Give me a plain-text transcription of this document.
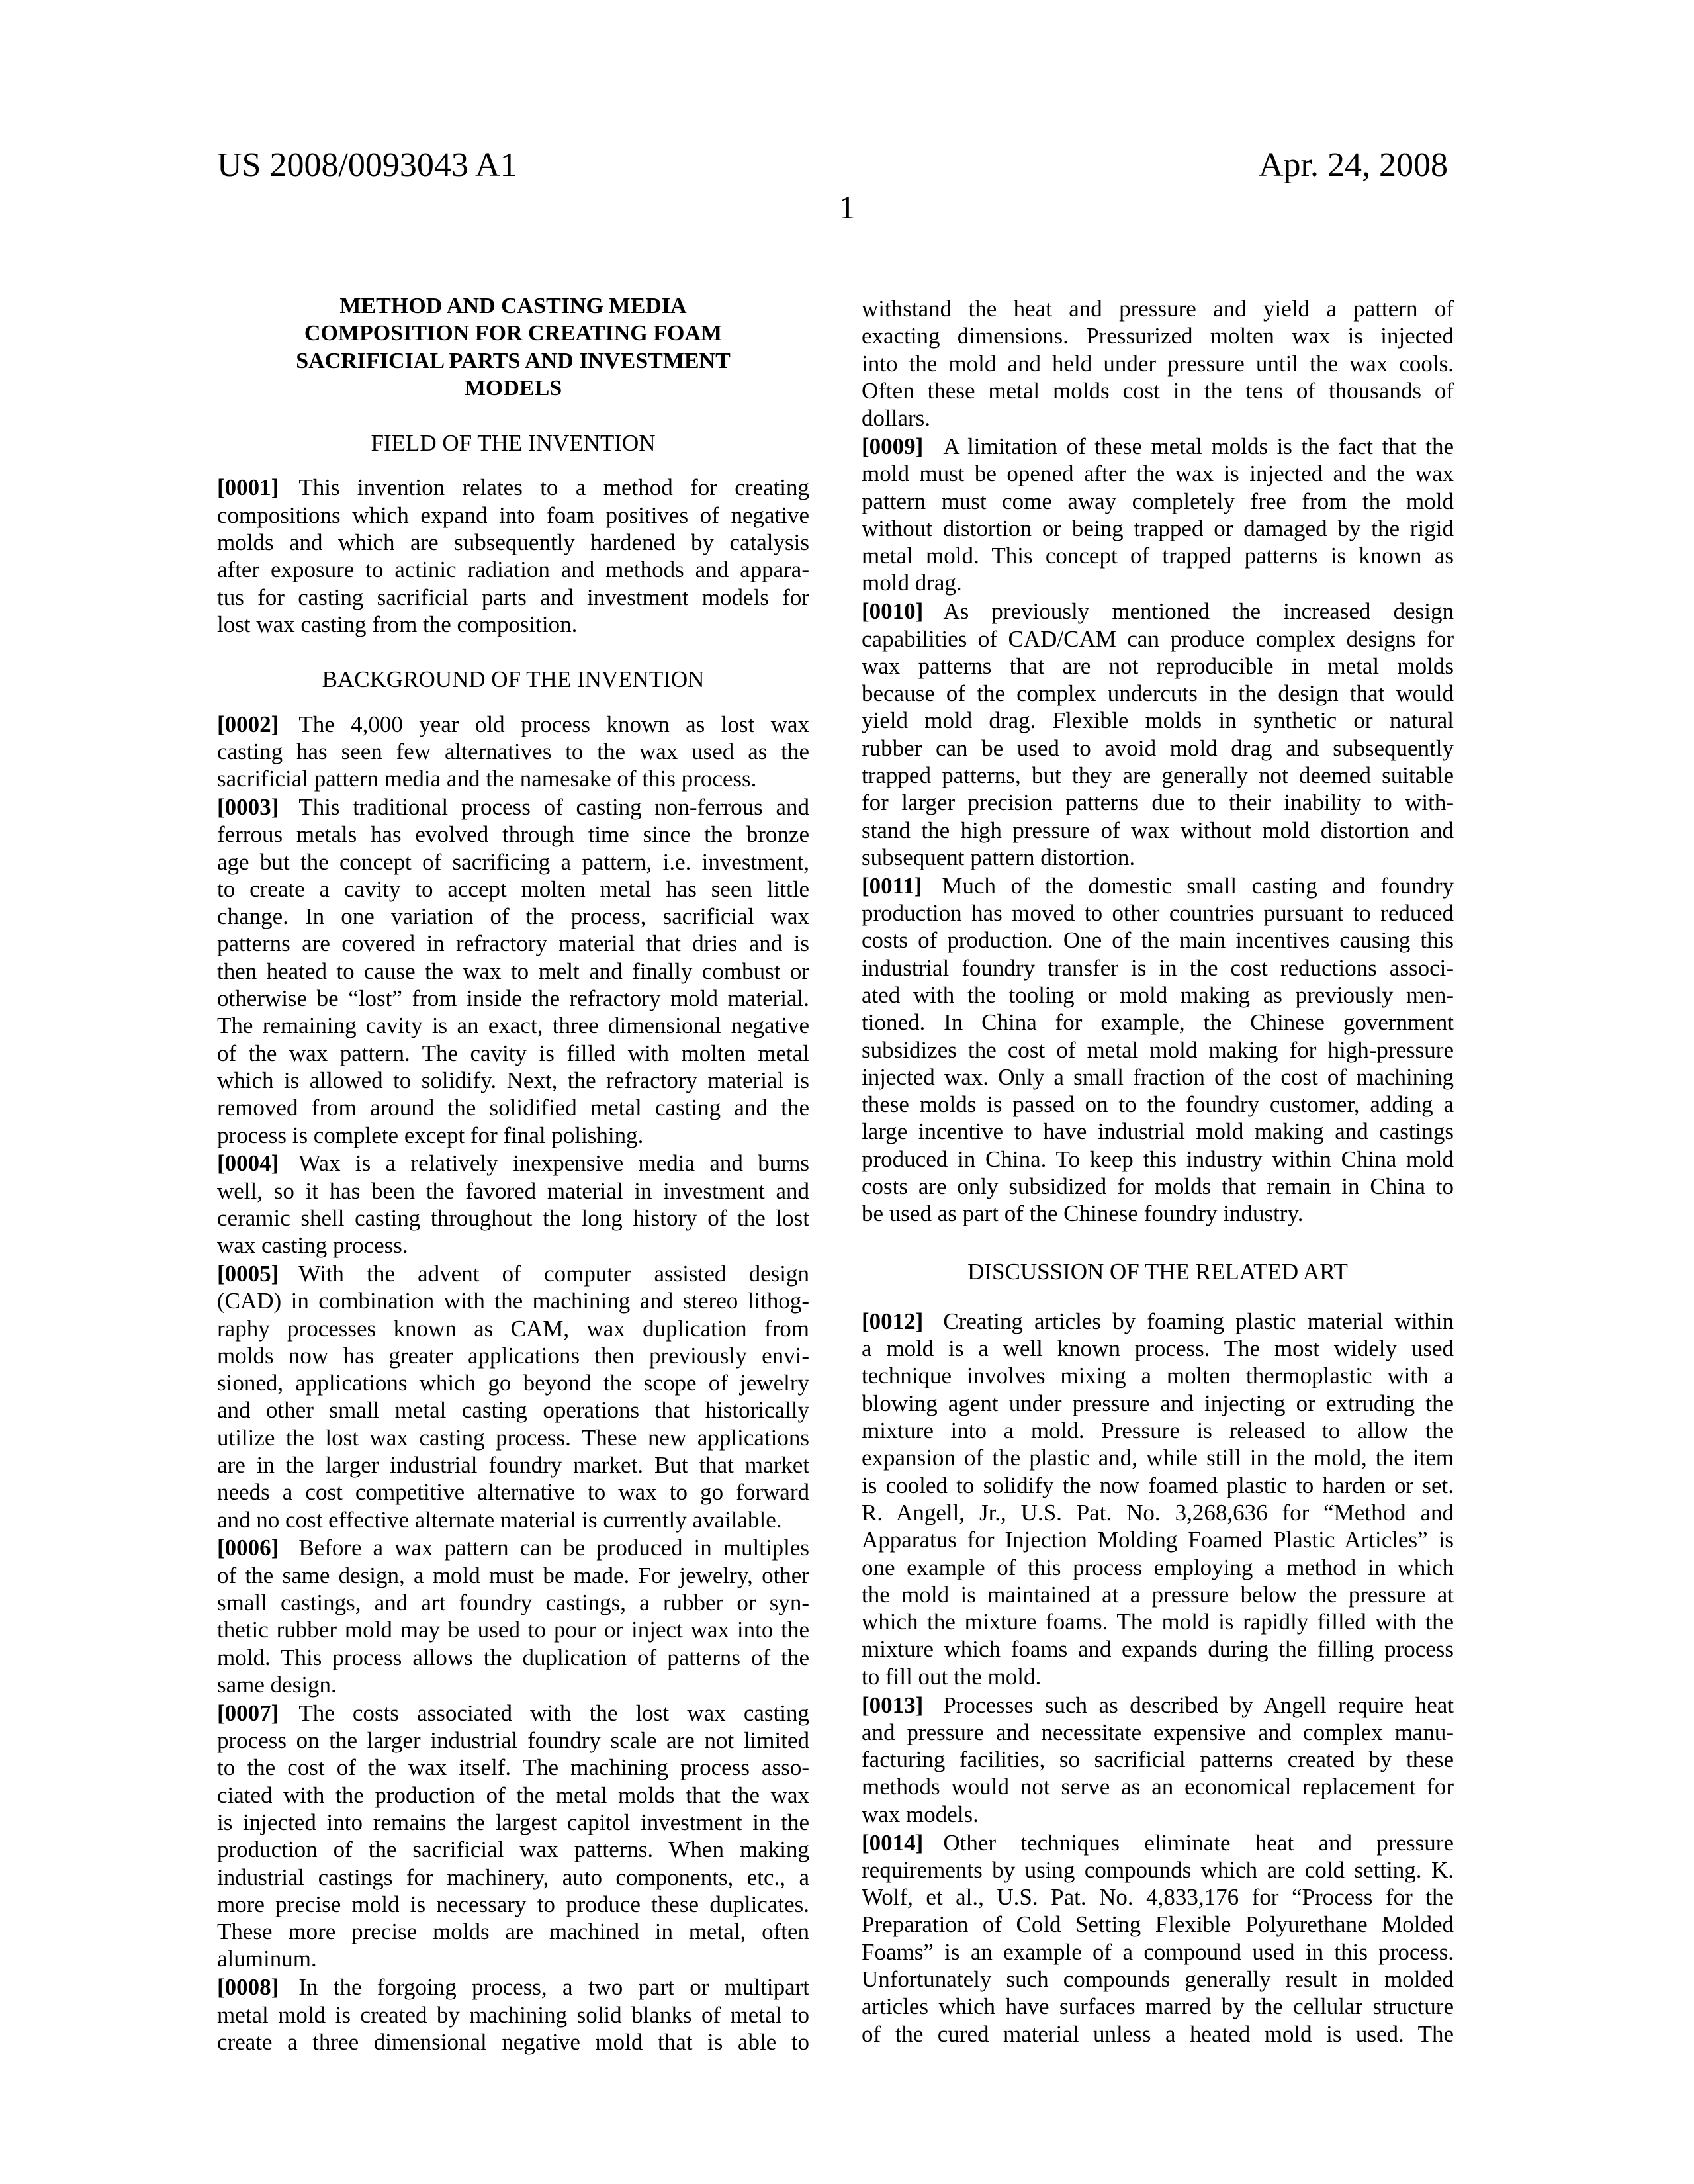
US 2008/0093043 A1	Apr. 24, 2008
1
METHOD AND CASTING MEDIA
COMPOSITION FOR CREATING FOAM
SACRIFICIAL PARTS AND INVESTMENT
MODELS
FIELD OF THE INVENTION
[0001] This invention relates to a method for creating
compositions which expand into foam positives of negative
molds and which are subsequently hardened by catalysis
after exposure to actinic radiation and methods and appara-
tus for casting sacrificial parts and investment models for
lost wax casting from the composition.
BACKGROUND OF THE INVENTION
[0002] The 4,000 year old process known as lost wax
casting has seen few alternatives to the wax used as the
sacrificial pattern media and the namesake of this process.
[0003] This traditional process of casting non-ferrous and
ferrous metals has evolved through time since the bronze
age but the concept of sacrificing a pattern, i.e. investment,
to create a cavity to accept molten metal has seen little
change. In one variation of the process, sacrificial wax
patterns are covered in refractory material that dries and is
then heated to cause the wax to melt and finally combust or
otherwise be “lost” from inside the refractory mold material.
The remaining cavity is an exact, three dimensional negative
of the wax pattern. The cavity is filled with molten metal
which is allowed to solidify. Next, the refractory material is
removed from around the solidified metal casting and the
process is complete except for final polishing.
[0004] Wax is a relatively inexpensive media and burns
well, so it has been the favored material in investment and
ceramic shell casting throughout the long history of the lost
wax casting process.
[0005] With the advent of computer assisted design
(CAD) in combination with the machining and stereo lithog-
raphy processes known as CAM, wax duplication from
molds now has greater applications then previously envi-
sioned, applications which go beyond the scope of jewelry
and other small metal casting operations that historically
utilize the lost wax casting process. These new applications
are in the larger industrial foundry market. But that market
needs a cost competitive alternative to wax to go forward
and no cost effective alternate material is currently available.
[0006] Before a wax pattern can be produced in multiples
of the same design, a mold must be made. For jewelry, other
small castings, and art foundry castings, a rubber or syn-
thetic rubber mold may be used to pour or inject wax into the
mold. This process allows the duplication of patterns of the
same design.
[0007] The costs associated with the lost wax casting
process on the larger industrial foundry scale are not limited
to the cost of the wax itself. The machining process asso-
ciated with the production of the metal molds that the wax
is injected into remains the largest capitol investment in the
production of the sacrificial wax patterns. When making
industrial castings for machinery, auto components, etc., a
more precise mold is necessary to produce these duplicates.
These more precise molds are machined in metal, often
aluminum.
[0008] In the forgoing process, a two part or multipart
metal mold is created by machining solid blanks of metal to
create a three dimensional negative mold that is able to
withstand the heat and pressure and yield a pattern of
exacting dimensions. Pressurized molten wax is injected
into the mold and held under pressure until the wax cools.
Often these metal molds cost in the tens of thousands of
dollars.
[0009] A limitation of these metal molds is the fact that the
mold must be opened after the wax is injected and the wax
pattern must come away completely free from the mold
without distortion or being trapped or damaged by the rigid
metal mold. This concept of trapped patterns is known as
mold drag.
[0010] As previously mentioned the increased design
capabilities of CAD/CAM can produce complex designs for
wax patterns that are not reproducible in metal molds
because of the complex undercuts in the design that would
yield mold drag. Flexible molds in synthetic or natural
rubber can be used to avoid mold drag and subsequently
trapped patterns, but they are generally not deemed suitable
for larger precision patterns due to their inability to with-
stand the high pressure of wax without mold distortion and
subsequent pattern distortion.
[0011] Much of the domestic small casting and foundry
production has moved to other countries pursuant to reduced
costs of production. One of the main incentives causing this
industrial foundry transfer is in the cost reductions associ-
ated with the tooling or mold making as previously men-
tioned. In China for example, the Chinese government
subsidizes the cost of metal mold making for high-pressure
injected wax. Only a small fraction of the cost of machining
these molds is passed on to the foundry customer, adding a
large incentive to have industrial mold making and castings
produced in China. To keep this industry within China mold
costs are only subsidized for molds that remain in China to
be used as part of the Chinese foundry industry.
DISCUSSION OF THE RELATED ART
[0012] Creating articles by foaming plastic material within
a mold is a well known process. The most widely used
technique involves mixing a molten thermoplastic with a
blowing agent under pressure and injecting or extruding the
mixture into a mold. Pressure is released to allow the
expansion of the plastic and, while still in the mold, the item
is cooled to solidify the now foamed plastic to harden or set.
R. Angell, Jr., U.S. Pat. No. 3,268,636 for “Method and
Apparatus for Injection Molding Foamed Plastic Articles” is
one example of this process employing a method in which
the mold is maintained at a pressure below the pressure at
which the mixture foams. The mold is rapidly filled with the
mixture which foams and expands during the filling process
to fill out the mold.
[0013] Processes such as described by Angell require heat
and pressure and necessitate expensive and complex manu-
facturing facilities, so sacrificial patterns created by these
methods would not serve as an economical replacement for
wax models.
[0014] Other techniques eliminate heat and pressure
requirements by using compounds which are cold setting. K.
Wolf, et al., U.S. Pat. No. 4,833,176 for “Process for the
Preparation of Cold Setting Flexible Polyurethane Molded
Foams” is an example of a compound used in this process.
Unfortunately such compounds generally result in molded
articles which have surfaces marred by the cellular structure
of the cured material unless a heated mold is used. The
